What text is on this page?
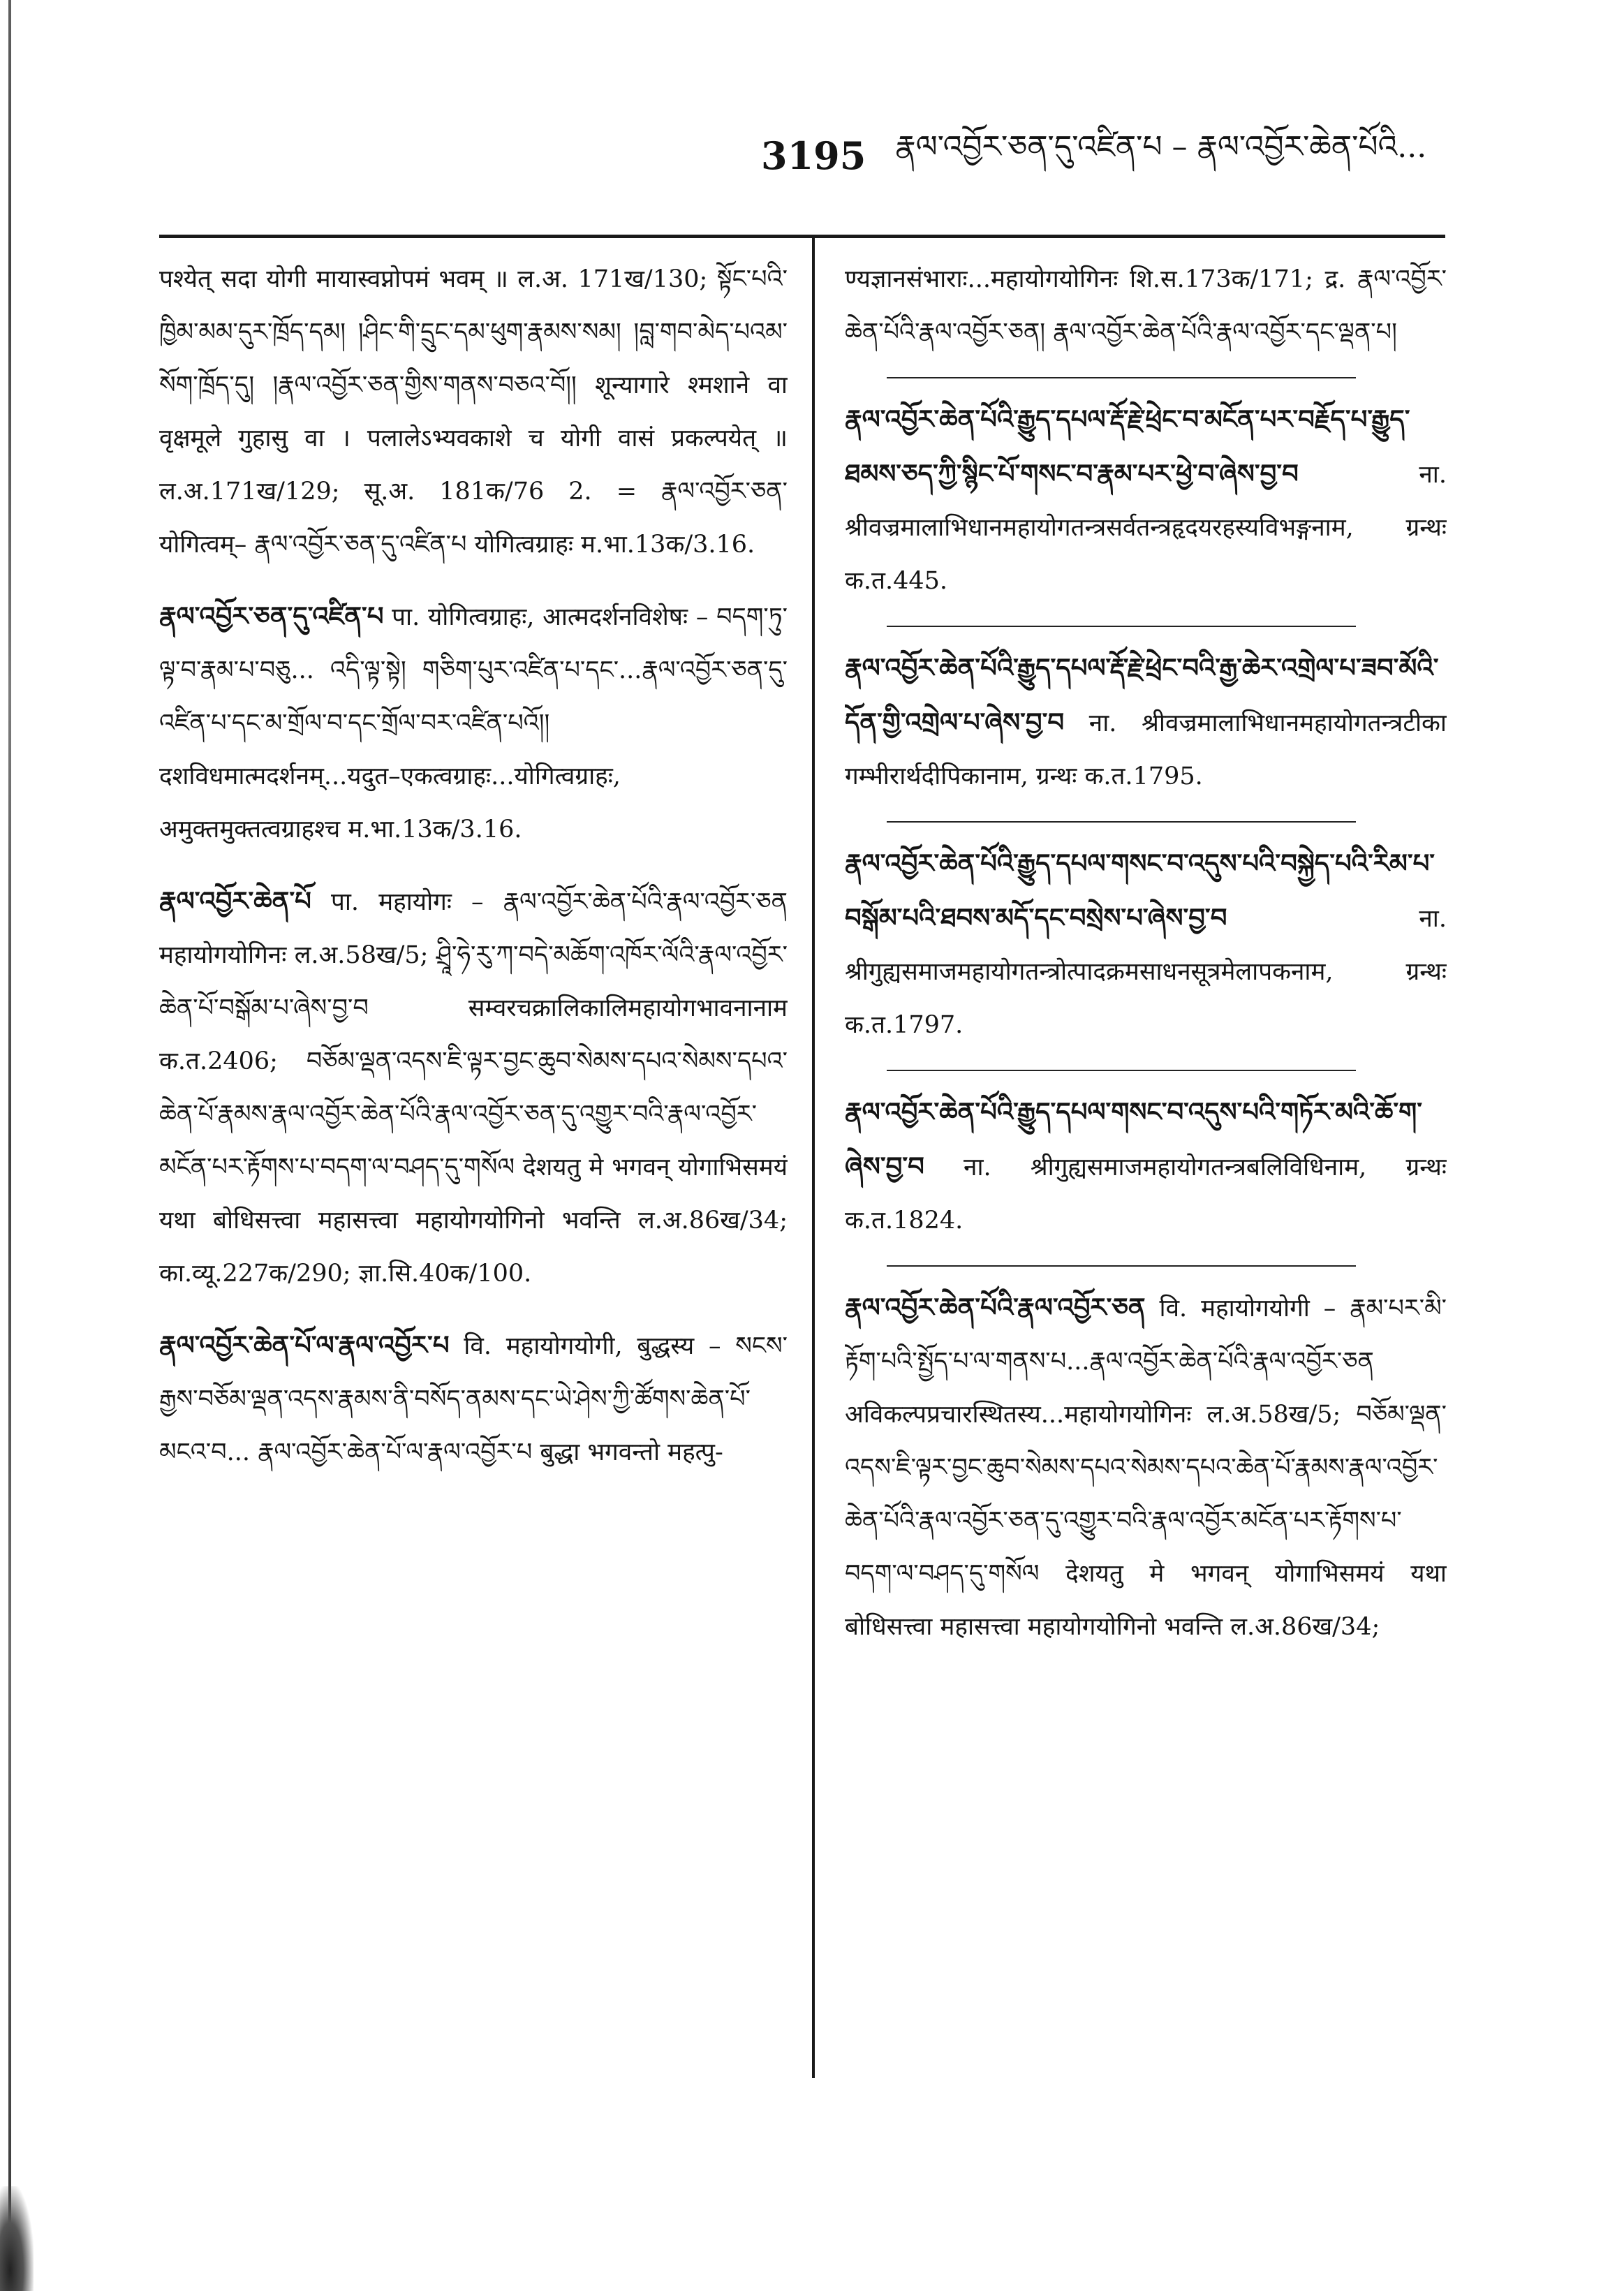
3195 རྣལ་འབྱོར་ཅན་དུ་འཛིན་པ – རྣལ་འབྱོར་ཆེན་པོའི...

पश्येत् सदा योगी मायास्वप्नोपमं भवम् ॥ ल.अ. 171ख/130; སྟོང་པའི་ཁྱིམ་མམ་དུར་ཁྲོད་དམ། །ཤིང་གི་དྲུང་དམ་ཕུག་རྣམས་སམ། །བླ་གབ་མེད་པའམ་སོག་ཁྲོད་དུ། །རྣལ་འབྱོར་ཅན་གྱིས་གནས་བཅའ་བོ།། शून्यागारे श्मशाने वा वृक्षमूले गुहासु वा । पलालेऽभ्यवकाशे च योगी वासं प्रकल्पयेत् ॥ ल.अ.171ख/129; सू.अ. 181क/76 2. = རྣལ་འབྱོར་ཅན་ योगित्वम्– རྣལ་འབྱོར་ཅན་དུ་འཛིན་པ योगित्वग्राहः म.भा.13क/3.16.

རྣལ་འབྱོར་ཅན་དུ་འཛིན་པ पा. योगित्वग्राहः, आत्मदर्शनविशेषः – བདག་ཏུ་ལྟ་བ་རྣམ་པ་བཅུ... འདི་ལྟ་སྟེ། གཅིག་པུར་འཛིན་པ་དང་...རྣལ་འབྱོར་ཅན་དུ་འཛིན་པ་དང་མ་གྲོལ་བ་དང་གྲོལ་བར་འཛིན་པའོ།། दशविधमात्मदर्शनम्...यदुत–एकत्वग्राहः...योगित्वग्राहः, अमुक्तमुक्तत्वग्राहश्च म.भा.13क/3.16.

རྣལ་འབྱོར་ཆེན་པོ पा. महायोगः – རྣལ་འབྱོར་ཆེན་པོའི་རྣལ་འབྱོར་ཅན महायोगयोगिनः ल.अ.58ख/5; ཤྲཱི་ཧེ་རུ་ཀ་བདེ་མཆོག་འཁོར་ལོའི་རྣལ་འབྱོར་ཆེན་པོ་བསྒོམ་པ་ཞེས་བྱ་བ सम्वरचक्रालिकालिमहायोगभावनानाम क.त.2406; བཅོམ་ལྡན་འདས་ཇི་ལྟར་བྱང་ཆུབ་སེམས་དཔའ་སེམས་དཔའ་ཆེན་པོ་རྣམས་རྣལ་འབྱོར་ཆེན་པོའི་རྣལ་འབྱོར་ཅན་དུ་འགྱུར་བའི་རྣལ་འབྱོར་མངོན་པར་རྟོགས་པ་བདག་ལ་བཤད་དུ་གསོལ देशयतु मे भगवन् योगाभिसमयं यथा बोधिसत्त्वा महासत्त्वा महायोगयोगिनो भवन्ति ल.अ.86ख/34; का.व्यू.227क/290; ज्ञा.सि.40क/100.

རྣལ་འབྱོར་ཆེན་པོ་ལ་རྣལ་འབྱོར་པ वि. महायोगयोगी, बुद्धस्य – སངས་རྒྱས་བཅོམ་ལྡན་འདས་རྣམས་ནི་བསོད་ནམས་དང་ཡེ་ཤེས་ཀྱི་ཚོགས་ཆེན་པོ་མངའ་བ... རྣལ་འབྱོར་ཆེན་པོ་ལ་རྣལ་འབྱོར་པ बुद्धा भगवन्तो महत्पु-

ण्यज्ञानसंभाराः...महायोगयोगिनः शि.स.173क/171; द्र. རྣལ་འབྱོར་ཆེན་པོའི་རྣལ་འབྱོར་ཅན། རྣལ་འབྱོར་ཆེན་པོའི་རྣལ་འབྱོར་དང་ལྡན་པ།

རྣལ་འབྱོར་ཆེན་པོའི་རྒྱུད་དཔལ་རྡོ་རྗེ་ཕྲེང་བ་མངོན་པར་བརྗོད་པ་རྒྱུད་ཐམས་ཅད་ཀྱི་སྙིང་པོ་གསང་བ་རྣམ་པར་ཕྱེ་བ་ཞེས་བྱ་བ	ना. श्रीवज्रमालाभिधानमहायोगतन्त्रसर्वतन्त्रहृदयरहस्यविभङ्गनाम, ग्रन्थः क.त.445.

རྣལ་འབྱོར་ཆེན་པོའི་རྒྱུད་དཔལ་རྡོ་རྗེ་ཕྲེང་བའི་རྒྱ་ཆེར་འགྲེལ་པ་ཟབ་མོའི་དོན་གྱི་འགྲེལ་པ་ཞེས་བྱ་བ ना. श्रीवज्रमालाभिधानमहायोगतन्त्रटीका गम्भीरार्थदीपिकानाम, ग्रन्थः क.त.1795.

རྣལ་འབྱོར་ཆེན་པོའི་རྒྱུད་དཔལ་གསང་བ་འདུས་པའི་བསྐྱེད་པའི་རིམ་པ་བསྒོམ་པའི་ཐབས་མདོ་དང་བསྲེས་པ་ཞེས་བྱ་བ	ना. श्रीगुह्यसमाजमहायोगतन्त्रोत्पादक्रमसाधनसूत्रमेलापकनाम, ग्रन्थः क.त.1797.

རྣལ་འབྱོར་ཆེན་པོའི་རྒྱུད་དཔལ་གསང་བ་འདུས་པའི་གཏོར་མའི་ཆོ་ག་ཞེས་བྱ་བ ना. श्रीगुह्यसमाजमहायोगतन्त्रबलिविधिनाम, ग्रन्थः क.त.1824.

རྣལ་འབྱོར་ཆེན་པོའི་རྣལ་འབྱོར་ཅན वि. महायोगयोगी – རྣམ་པར་མི་རྟོག་པའི་སྤྱོད་པ་ལ་གནས་པ...རྣལ་འབྱོར་ཆེན་པོའི་རྣལ་འབྱོར་ཅན अविकल्पप्रचारस्थितस्य...महायोगयोगिनः ल.अ.58ख/5; བཅོམ་ལྡན་འདས་ཇི་ལྟར་བྱང་ཆུབ་སེམས་དཔའ་སེམས་དཔའ་ཆེན་པོ་རྣམས་རྣལ་འབྱོར་ཆེན་པོའི་རྣལ་འབྱོར་ཅན་དུ་འགྱུར་བའི་རྣལ་འབྱོར་མངོན་པར་རྟོགས་པ་བདག་ལ་བཤད་དུ་གསོལ देशयतु मे भगवन् योगाभिसमयं यथा बोधिसत्त्वा महासत्त्वा महायोगयोगिनो भवन्ति ल.अ.86ख/34;
